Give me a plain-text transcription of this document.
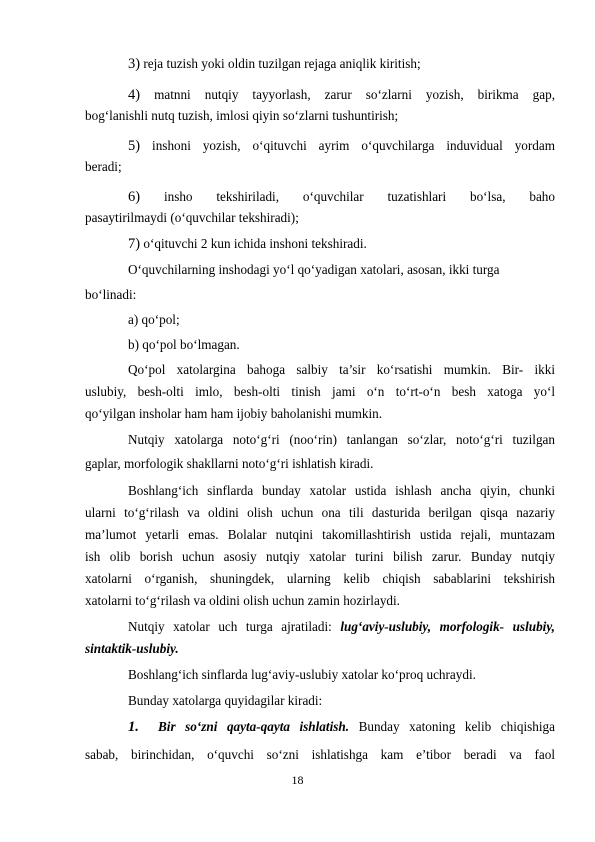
3) reja tuzish yoki oldin tuzilgan rejaga aniqlik kiritish;
4) matnni nutqiy tayyorlash, zarur so‘zlarni yozish, birikma gap,
bog‘lanishli nutq tuzish, imlosi qiyin so‘zlarni tushuntirish;
5) inshoni yozish, o‘qituvchi ayrim o‘quvchilarga induvidual yordam
beradi;
6) insho tekshiriladi, o‘quvchilar tuzatishlari bo‘lsa, baho
pasaytirilmaydi (o‘quvchilar tekshiradi);
7) o‘qituvchi 2 kun ichida inshoni tekshiradi.
O‘quvchilarning inshodagi yo‘l qo‘yadigan xatolari, asosan, ikki turga
bo‘linadi:
a) qo‘pol;
b) qo‘pol bo‘lmagan.
Qo‘pol xatolargina bahoga salbiy ta’sir ko‘rsatishi mumkin. Bir- ikki
uslubiy, besh-olti imlo, besh-olti tinish jami o‘n to‘rt-o‘n besh xatoga yo‘l
qo‘yilgan insholar ham ham ijobiy baholanishi mumkin.
Nutqiy xatolarga noto‘g‘ri (noo‘rin) tanlangan so‘zlar, noto‘g‘ri tuzilgan
gaplar, morfologik shakllarni noto‘g‘ri ishlatish kiradi.
Boshlang‘ich sinflarda bunday xatolar ustida ishlash ancha qiyin, chunki
ularni to‘g‘rilash va oldini olish uchun ona tili dasturida berilgan qisqa nazariy
ma’lumot yetarli emas. Bolalar nutqini takomillashtirish ustida rejali, muntazam
ish olib borish uchun asosiy nutqiy xatolar turini bilish zarur. Bunday nutqiy
xatolarni o‘rganish, shuningdek, ularning kelib chiqish sabablarini tekshirish
xatolarni to‘g‘rilash va oldini olish uchun zamin hozirlaydi.
Nutqiy xatolar uch turga ajratiladi: lug‘aviy-uslubiy, morfologik- uslubiy,
sintaktik-uslubiy.
Boshlang‘ich sinflarda lug‘aviy-uslubiy xatolar ko‘proq uchraydi.
Bunday xatolarga quyidagilar kiradi:
1. Bir so‘zni qayta-qayta ishlatish. Bunday xatoning kelib chiqishiga
sabab, birinchidan, o‘quvchi so‘zni ishlatishga kam e’tibor beradi va faol
18
